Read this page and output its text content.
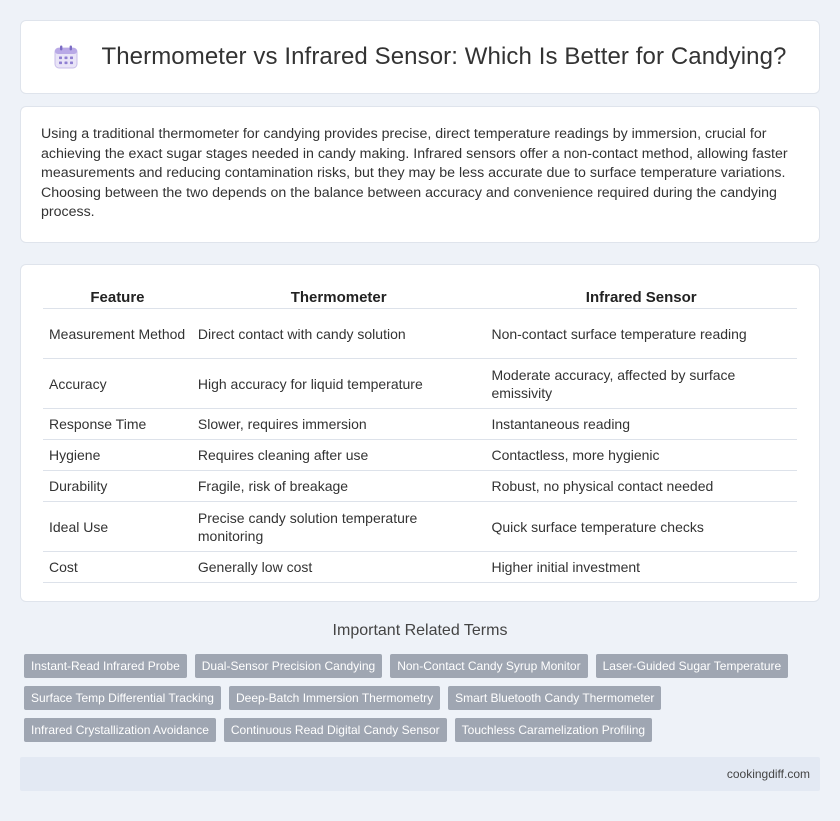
Thermometer vs Infrared Sensor: Which Is Better for Candying?

Using a traditional thermometer for candying provides precise, direct temperature readings by immersion, crucial for achieving the exact sugar stages needed in candy making. Infrared sensors offer a non-contact method, allowing faster measurements and reducing contamination risks, but they may be less accurate due to surface temperature variations. Choosing between the two depends on the balance between accuracy and convenience required during the candying process.

Feature	Thermometer	Infrared Sensor
Measurement Method	Direct contact with candy solution	Non-contact surface temperature reading
Accuracy	High accuracy for liquid temperature	Moderate accuracy, affected by surface emissivity
Response Time	Slower, requires immersion	Instantaneous reading
Hygiene	Requires cleaning after use	Contactless, more hygienic
Durability	Fragile, risk of breakage	Robust, no physical contact needed
Ideal Use	Precise candy solution temperature monitoring	Quick surface temperature checks
Cost	Generally low cost	Higher initial investment
Important Related Terms
Instant-Read Infrared Probe	Dual-Sensor Precision Candying	Non-Contact Candy Syrup Monitor	Laser-Guided Sugar Temperature
Surface Temp Differential Tracking	Deep-Batch Immersion Thermometry	Smart Bluetooth Candy Thermometer
Infrared Crystallization Avoidance	Continuous Read Digital Candy Sensor	Touchless Caramelization Profiling
cookingdiff.com
